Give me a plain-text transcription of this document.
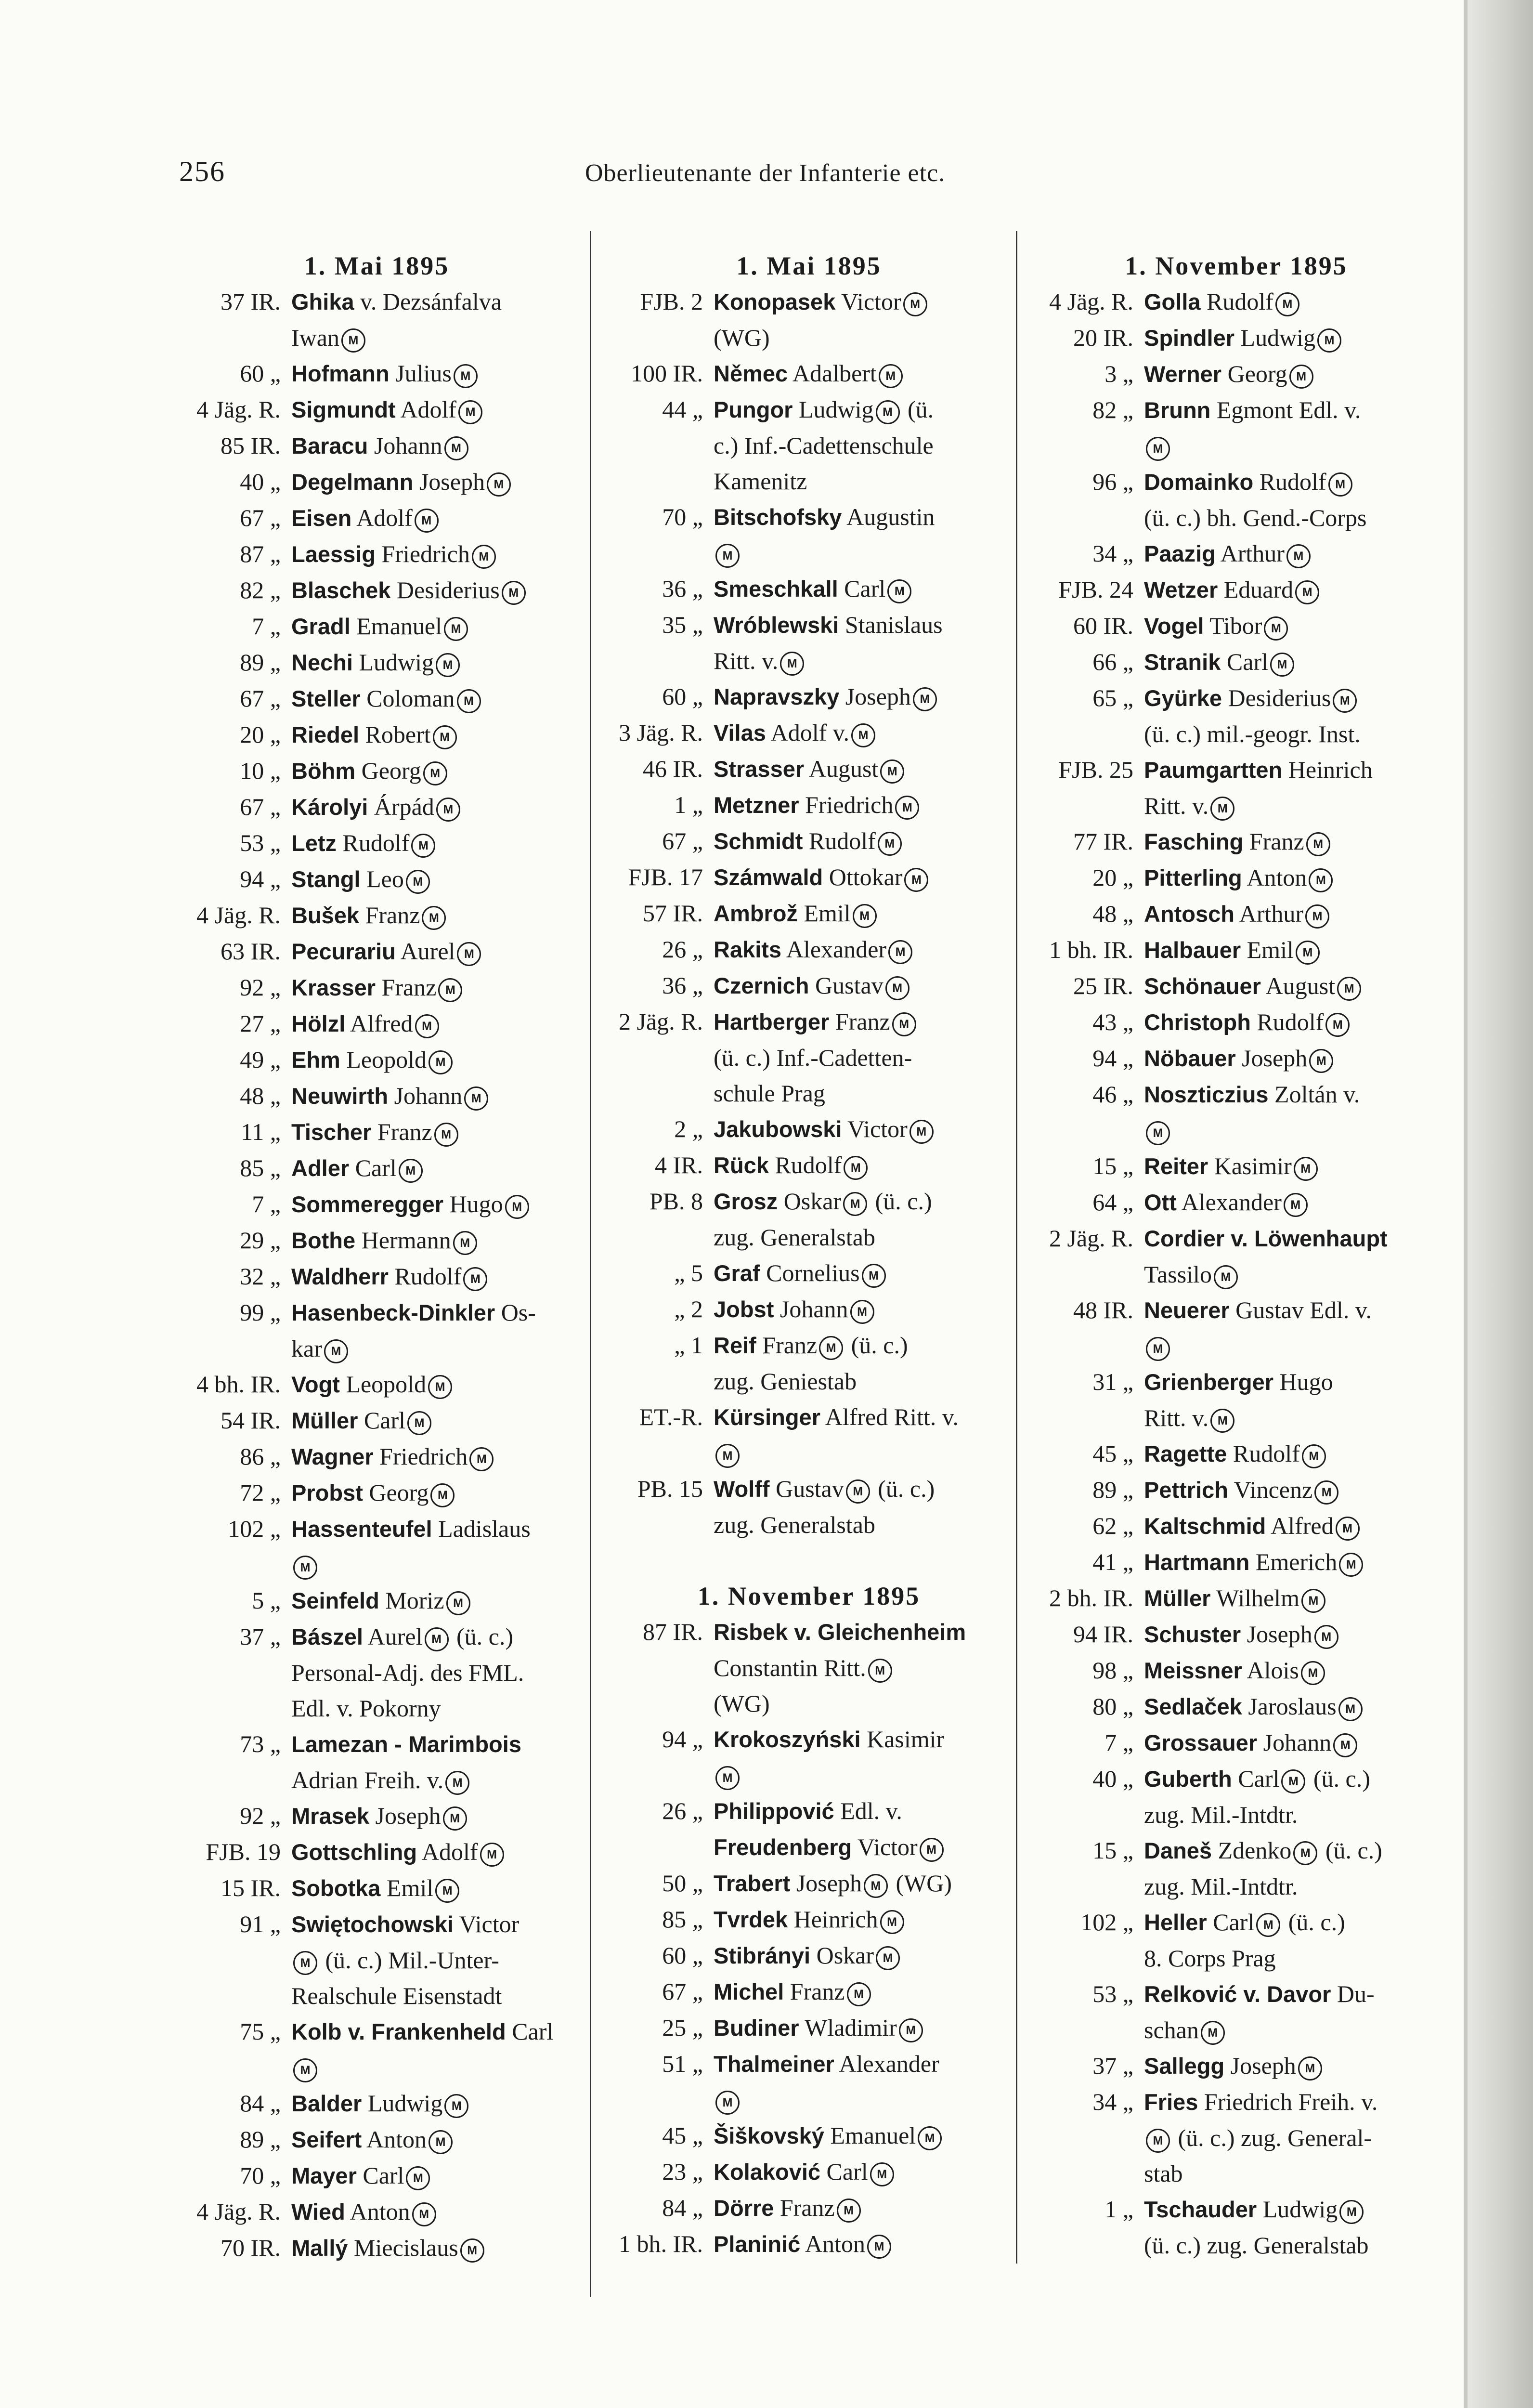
256	Oberlieutenante der Infanterie etc.
1. Mai 1895
37 IR. Ghika v. Dezsánfalva
Iwan M
60 „ Hofmann Julius M
4 Jäg. R. Sigmundt Adolf M
85 IR. Baracu Johann M
40 „ Degelmann Joseph M
67 „ Eisen Adolf M
87 „ Laessig Friedrich M
82 „ Blaschek Desiderius M
7 „ Gradl Emanuel M
89 „ Nechi Ludwig M
67 „ Steller Coloman M
20 „ Riedel Robert M
10 „ Böhm Georg M
67 „ Károlyi Árpád M
53 „ Letz Rudolf M
94 „ Stangl Leo M
4 Jäg. R. Bušek Franz M
63 IR. Pecurariu Aurel M
92 „ Krasser Franz M
27 „ Hölzl Alfred M
49 „ Ehm Leopold M
48 „ Neuwirth Johann M
11 „ Tischer Franz M
85 „ Adler Carl M
7 „ Sommeregger Hugo M
29 „ Bothe Hermann M
32 „ Waldherr Rudolf M
99 „ Hasenbeck-Dinkler Os-
kar M
4 bh. IR. Vogt Leopold M
54 IR. Müller Carl M
86 „ Wagner Friedrich M
72 „ Probst Georg M
102 „ Hassenteufel Ladislaus
M
5 „ Seinfeld Moriz M
37 „ Bászel Aurel M (ü. c.)
Personal-Adj. des FML.
Edl. v. Pokorny
73 „ Lamezan - Marimbois
Adrian Freih. v. M
92 „ Mrasek Joseph M
FJB. 19 Gottschling Adolf M
15 IR. Sobotka Emil M
91 „ Swiętochowski Victor
M (ü. c.) Mil.-Unter-
Realschule Eisenstadt
75 „ Kolb v. Frankenheld Carl
M
84 „ Balder Ludwig M
89 „ Seifert Anton M
70 „ Mayer Carl M
4 Jäg. R. Wied Anton M
70 IR. Mallý Miecislaus M
1. Mai 1895
FJB. 2 Konopasek Victor M
(WG)
100 IR. Němec Adalbert M
44 „ Pungor Ludwig M (ü.
c.) Inf.-Cadettenschule
Kamenitz
70 „ Bitschofsky Augustin
M
36 „ Smeschkall Carl M
35 „ Wróblewski Stanislaus
Ritt. v. M
60 „ Napravszky Joseph M
3 Jäg. R. Vilas Adolf v. M
46 IR. Strasser August M
1 „ Metzner Friedrich M
67 „ Schmidt Rudolf M
FJB. 17 Számwald Ottokar M
57 IR. Ambrož Emil M
26 „ Rakits Alexander M
36 „ Czernich Gustav M
2 Jäg. R. Hartberger Franz M
(ü. c.) Inf.-Cadetten-
schule Prag
2 „ Jakubowski Victor M
4 IR. Rück Rudolf M
PB. 8 Grosz Oskar M (ü. c.)
zug. Generalstab
„ 5 Graf Cornelius M
„ 2 Jobst Johann M
„ 1 Reif Franz M (ü. c.)
zug. Geniestab
ET.-R. Kürsinger Alfred Ritt. v.
M
PB. 15 Wolff Gustav M (ü. c.)
zug. Generalstab
1. November 1895
87 IR. Risbek v. Gleichenheim
Constantin Ritt. M
(WG)
94 „ Krokoszyński Kasimir
M
26 „ Philippović Edl. v.
Freudenberg Victor M
50 „ Trabert Joseph M (WG)
85 „ Tvrdek Heinrich M
60 „ Stibrányi Oskar M
67 „ Michel Franz M
25 „ Budiner Wladimir M
51 „ Thalmeiner Alexander
M
45 „ Šiškovský Emanuel M
23 „ Kolaković Carl M
84 „ Dörre Franz M
1 bh. IR. Planinić Anton M
1. November 1895
4 Jäg. R. Golla Rudolf M
20 IR. Spindler Ludwig M
3 „ Werner Georg M
82 „ Brunn Egmont Edl. v.
M
96 „ Domainko Rudolf M
(ü. c.) bh. Gend.-Corps
34 „ Paazig Arthur M
FJB. 24 Wetzer Eduard M
60 IR. Vogel Tibor M
66 „ Stranik Carl M
65 „ Gyürke Desiderius M
(ü. c.) mil.-geogr. Inst.
FJB. 25 Paumgartten Heinrich
Ritt. v. M
77 IR. Fasching Franz M
20 „ Pitterling Anton M
48 „ Antosch Arthur M
1 bh. IR. Halbauer Emil M
25 IR. Schönauer August M
43 „ Christoph Rudolf M
94 „ Nöbauer Joseph M
46 „ Noszticzius Zoltán v.
M
15 „ Reiter Kasimir M
64 „ Ott Alexander M
2 Jäg. R. Cordier v. Löwenhaupt
Tassilo M
48 IR. Neuerer Gustav Edl. v.
M
31 „ Grienberger Hugo
Ritt. v. M
45 „ Ragette Rudolf M
89 „ Pettrich Vincenz M
62 „ Kaltschmid Alfred M
41 „ Hartmann Emerich M
2 bh. IR. Müller Wilhelm M
94 IR. Schuster Joseph M
98 „ Meissner Alois M
80 „ Sedlaček Jaroslaus M
7 „ Grossauer Johann M
40 „ Guberth Carl M (ü. c.)
zug. Mil.-Intdtr.
15 „ Daneš Zdenko M (ü. c.)
zug. Mil.-Intdtr.
102 „ Heller Carl M (ü. c.)
8. Corps Prag
53 „ Relković v. Davor Du-
schan M
37 „ Sallegg Joseph M
34 „ Fries Friedrich Freih. v.
M (ü. c.) zug. General-
stab
1 „ Tschauder Ludwig M
(ü. c.) zug. Generalstab
